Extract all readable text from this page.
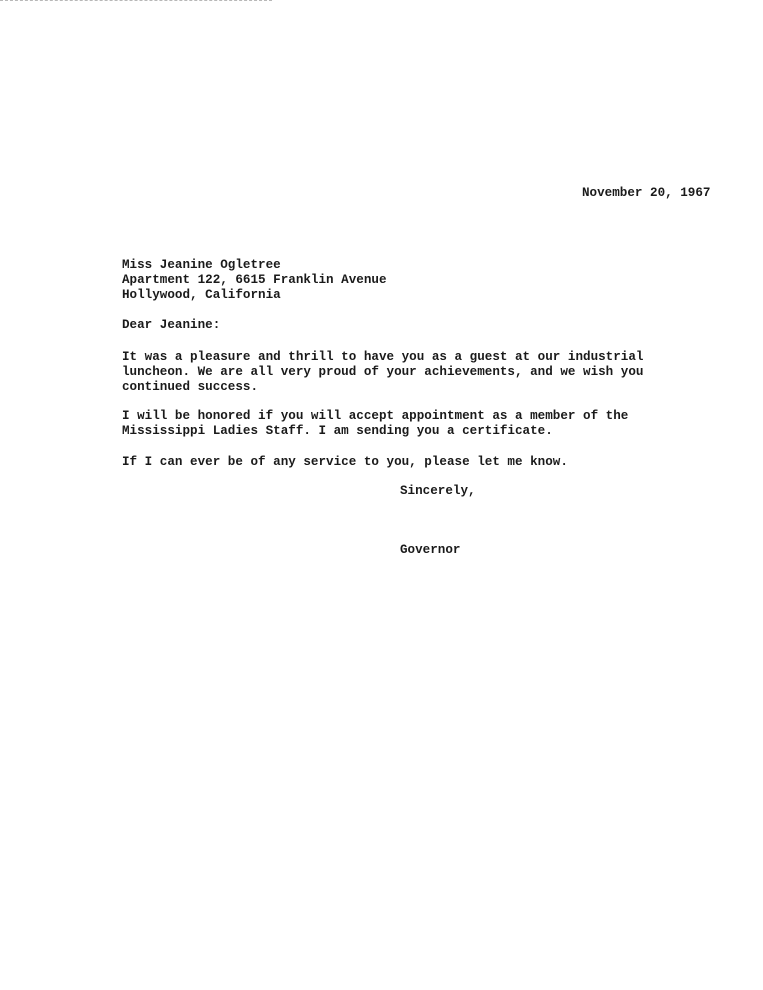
November 20, 1967
Miss Jeanine Ogletree
Apartment 122, 6615 Franklin Avenue
Hollywood, California
Dear Jeanine:
It was a pleasure and thrill to have you as a guest at our industrial
luncheon. We are all very proud of your achievements, and we wish you
continued success.
I will be honored if you will accept appointment as a member of the
Mississippi Ladies Staff. I am sending you a certificate.
If I can ever be of any service to you, please let me know.
Sincerely,
Governor
